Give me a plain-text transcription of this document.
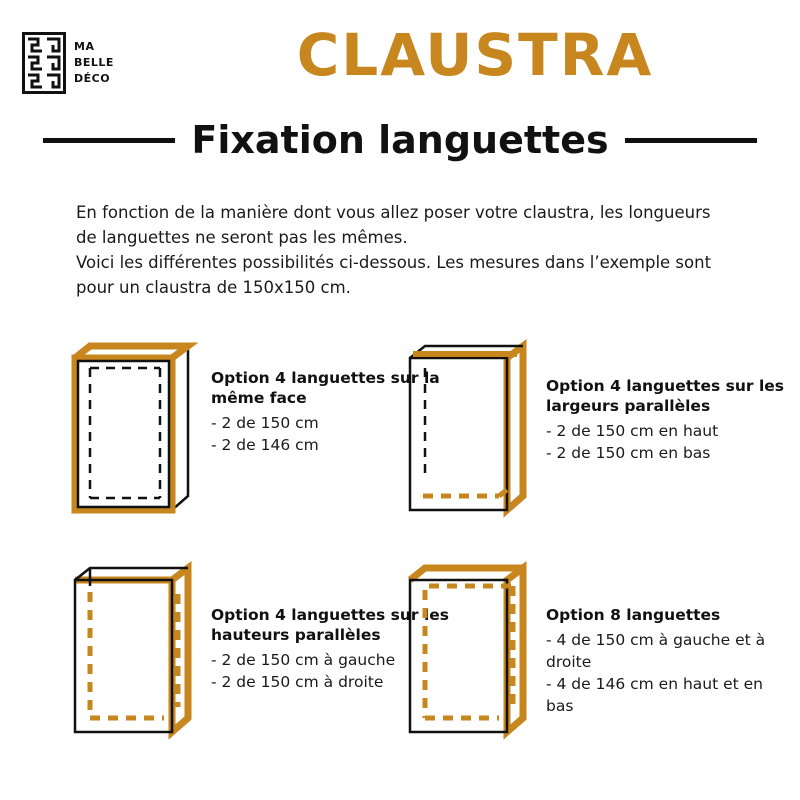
MA
BELLE
DÉCO	CLAUSTRA
Fixation languettes

En fonction de la manière dont vous allez poser votre claustra, les longueurs de languettes ne seront pas les mêmes.

Voici les différentes possibilités ci-dessous. Les mesures dans l’exemple sont pour un claustra de 150x150 cm.

Option 4 languettes sur la même face
- 2 de 150 cm
- 2 de 146 cm
Option 4 languettes sur les largeurs parallèles
- 2 de 150 cm en haut
- 2 de 150 cm en bas
Option 4 languettes sur les hauteurs parallèles
- 2 de 150 cm à gauche
- 2 de 150 cm à droite
Option 8 languettes
- 4 de 150 cm à gauche et à droite
- 4 de 146 cm en haut et en bas
